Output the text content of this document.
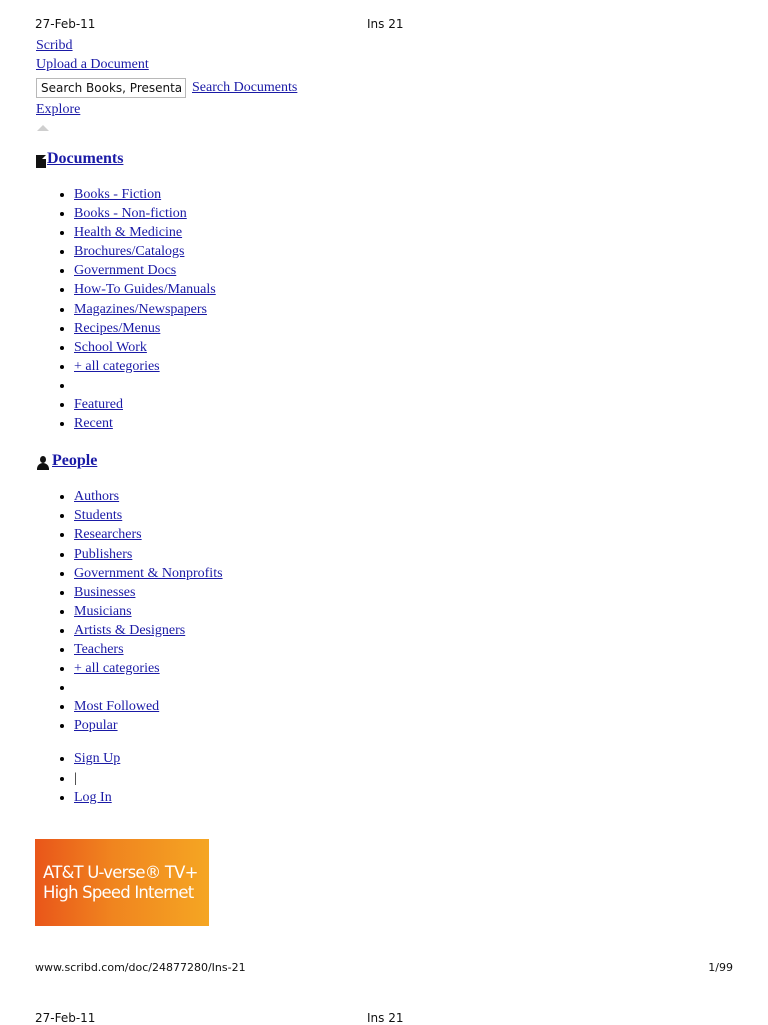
27-Feb-11	Ins 21
Scribd
Upload a Document
Search Books, Presentatio
Search Documents
Explore
Documents
• Books - Fiction
• Books - Non-fiction
• Health & Medicine
• Brochures/Catalogs
• Government Docs
• How-To Guides/Manuals
• Magazines/Newspapers
• Recipes/Menus
• School Work
• + all categories
•
• Featured
• Recent
People
• Authors
• Students
• Researchers
• Publishers
• Government & Nonprofits
• Businesses
• Musicians
• Artists & Designers
• Teachers
• + all categories
•
• Most Followed
• Popular
• Sign Up
• |
• Log In
AT&T U-verse® TV+
High Speed Internet
www.scribd.com/doc/24877280/Ins-21	1/99
27-Feb-11	Ins 21
